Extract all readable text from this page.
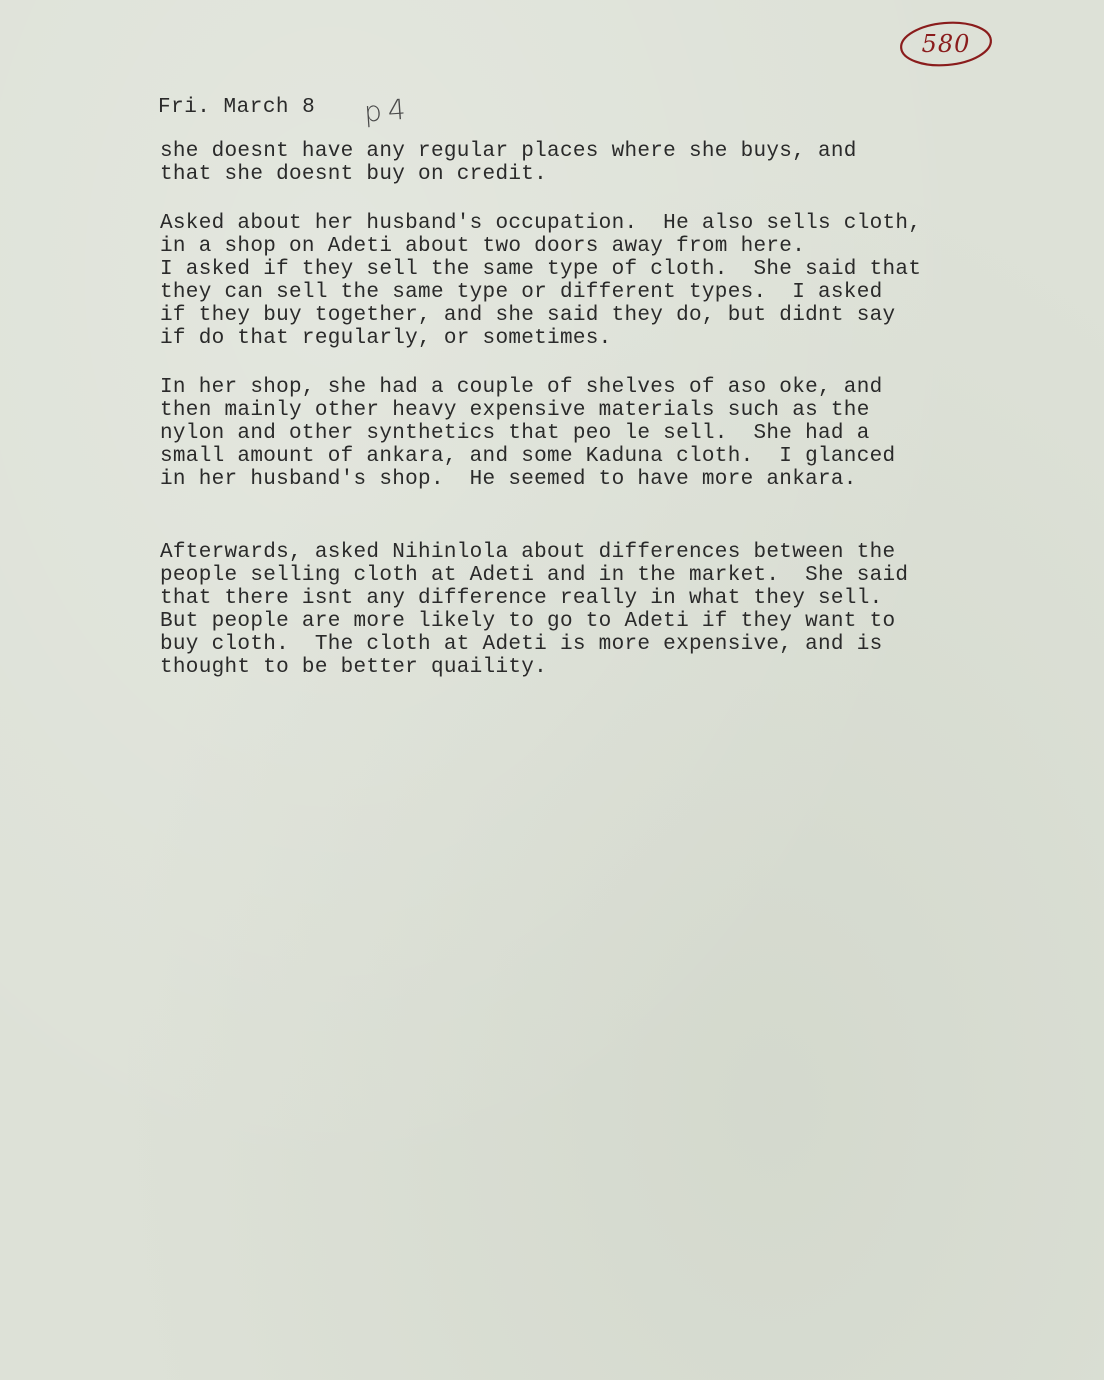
580
Fri. March 8 p4
she doesnt have any regular places where she buys, and
that she doesnt buy on credit.
Asked about her husband's occupation.  He also sells cloth,
in a shop on Adeti about two doors away from here.
I asked if they sell the same type of cloth.  She said that
they can sell the same type or different types.  I asked
if they buy together, and she said they do, but didnt say
if do that regularly, or sometimes.
In her shop, she had a couple of shelves of aso oke, and
then mainly other heavy expensive materials such as the
nylon and other synthetics that peo le sell.  She had a
small amount of ankara, and some Kaduna cloth.  I glanced
in her husband's shop.  He seemed to have more ankara.
Afterwards, asked Nihinlola about differences between the
people selling cloth at Adeti and in the market.  She said
that there isnt any difference really in what they sell.
But people are more likely to go to Adeti if they want to
buy cloth.  The cloth at Adeti is more expensive, and is
thought to be better quaility.
